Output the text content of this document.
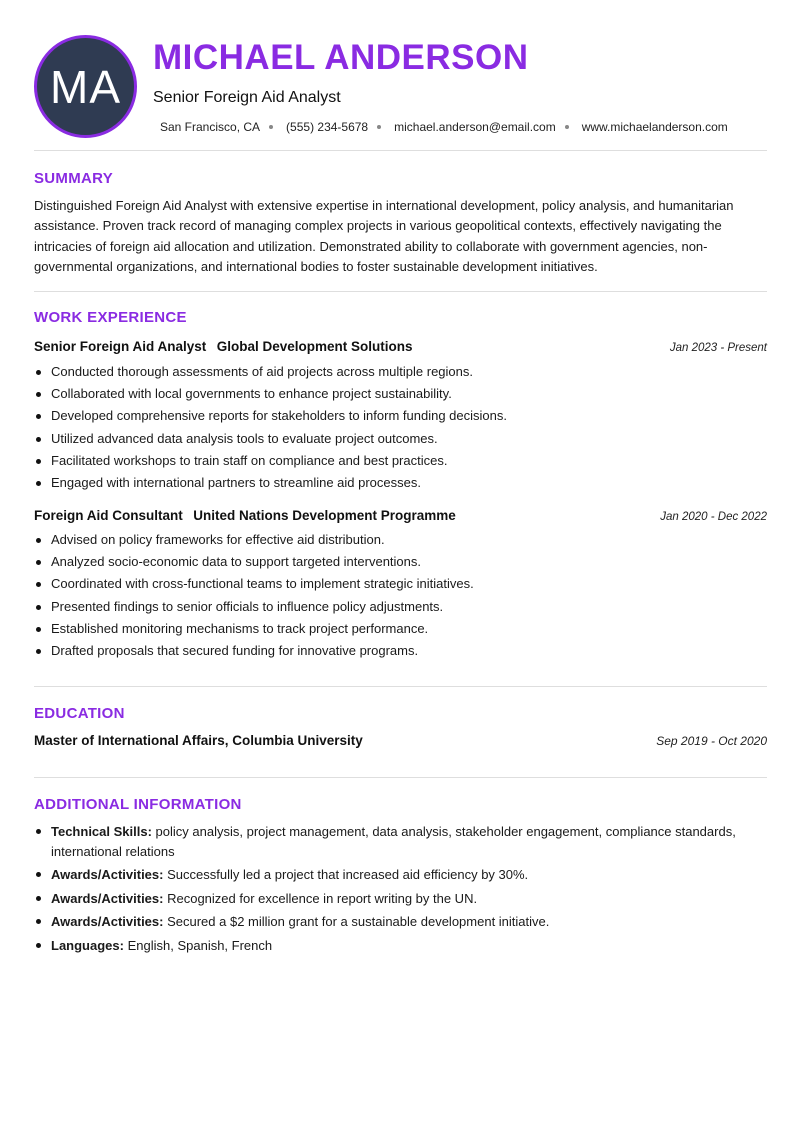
MA
MICHAEL ANDERSON
Senior Foreign Aid Analyst
San Francisco, CA (555) 234-5678 michael.anderson@email.com www.michaelanderson.com
SUMMARY
Distinguished Foreign Aid Analyst with extensive expertise in international development, policy analysis, and humanitarian assistance. Proven track record of managing complex projects in various geopolitical contexts, effectively navigating the intricacies of foreign aid allocation and utilization. Demonstrated ability to collaborate with government agencies, non-governmental organizations, and international bodies to foster sustainable development initiatives.
WORK EXPERIENCE
Senior Foreign Aid Analyst Global Development Solutions	Jan 2023 - Present
Conducted thorough assessments of aid projects across multiple regions.
Collaborated with local governments to enhance project sustainability.
Developed comprehensive reports for stakeholders to inform funding decisions.
Utilized advanced data analysis tools to evaluate project outcomes.
Facilitated workshops to train staff on compliance and best practices.
Engaged with international partners to streamline aid processes.
Foreign Aid Consultant United Nations Development Programme	Jan 2020 - Dec 2022
Advised on policy frameworks for effective aid distribution.
Analyzed socio-economic data to support targeted interventions.
Coordinated with cross-functional teams to implement strategic initiatives.
Presented findings to senior officials to influence policy adjustments.
Established monitoring mechanisms to track project performance.
Drafted proposals that secured funding for innovative programs.
EDUCATION
Master of International Affairs, Columbia University	Sep 2019 - Oct 2020
ADDITIONAL INFORMATION
Technical Skills: policy analysis, project management, data analysis, stakeholder engagement, compliance standards, international relations
Awards/Activities: Successfully led a project that increased aid efficiency by 30%.
Awards/Activities: Recognized for excellence in report writing by the UN.
Awards/Activities: Secured a $2 million grant for a sustainable development initiative.
Languages: English, Spanish, French
